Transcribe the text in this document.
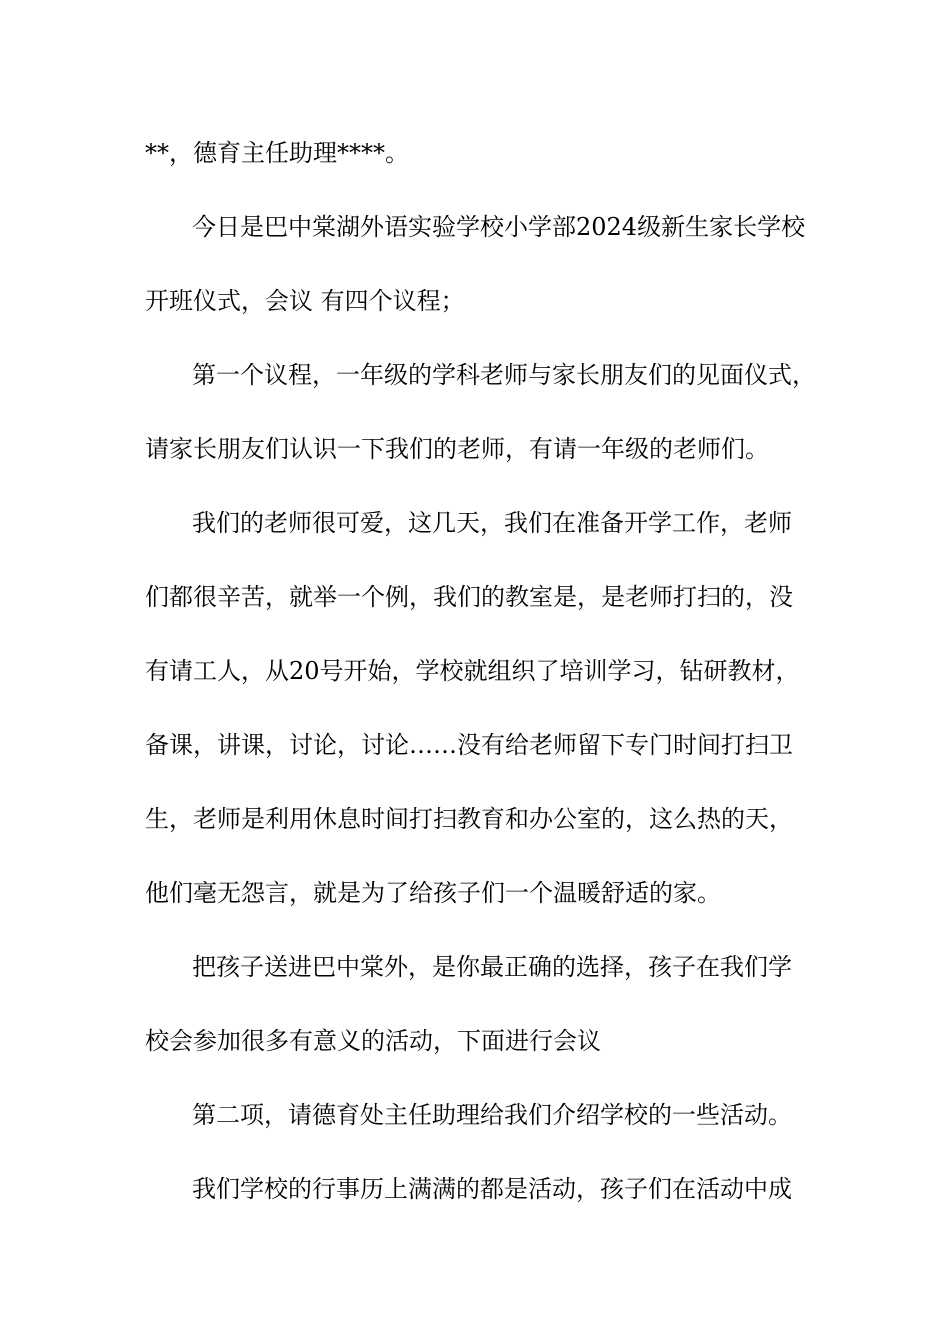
**，德育主任助理****。
今日是巴中棠湖外语实验学校小学部2024级新生家长学校
开班仪式，会议 有四个议程；
第一个议程，一年级的学科老师与家长朋友们的见面仪式，
请家长朋友们认识一下我们的老师，有请一年级的老师们。
我们的老师很可爱，这几天，我们在准备开学工作，老师
们都很辛苦，就举一个例，我们的教室是，是老师打扫的，没
有请工人，从20号开始，学校就组织了培训学习，钻研教材，
备课，讲课，讨论，讨论……没有给老师留下专门时间打扫卫
生，老师是利用休息时间打扫教育和办公室的，这么热的天，
他们毫无怨言，就是为了给孩子们一个温暖舒适的家。
把孩子送进巴中棠外，是你最正确的选择，孩子在我们学
校会参加很多有意义的活动，下面进行会议
第二项，请德育处主任助理给我们介绍学校的一些活动。
我们学校的行事历上满满的都是活动，孩子们在活动中成
